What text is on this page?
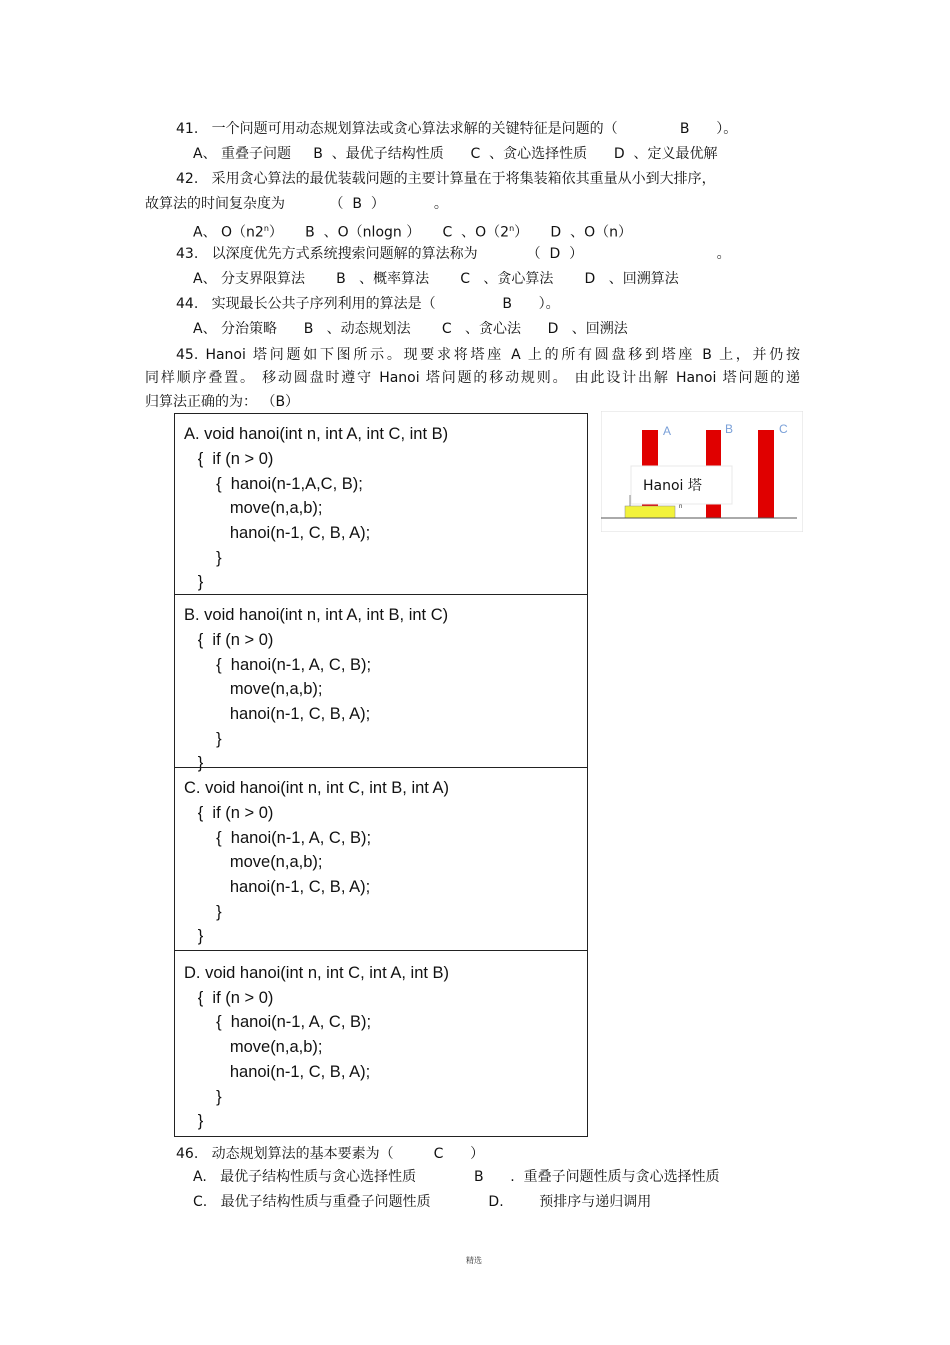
41.   一个问题可用动态规划算法或贪心算法求解的关键特征是问题的（              B      ）。
A、 重叠子问题     B  、最优子结构性质      C  、贪心选择性质      D  、定义最优解
42.   采用贪心算法的最优装载问题的主要计算量在于将集装箱依其重量从小到大排序，
故算法的时间复杂度为          （  B  ）           。
A、 O（n2$^n$）     B  、O（nlogn ）     C  、O（2$^n$）     D  、O（n）
43.   以深度优先方式系统搜索问题解的算法称为           （  D  ）                              。
A、 分支界限算法       B   、概率算法       C   、贪心算法       D   、回溯算法
44.   实现最长公共子序列利用的算法是（               B      ）。
A、 分治策略      B   、动态规划法       C   、贪心法      D   、回溯法
45. Hanoi 塔问题如下图所示。现要求将塔座 A 上的所有圆盘移到塔座 B 上，并仍按
同样顺序叠置。 移动圆盘时遵守 Hanoi 塔问题的移动规则。 由此设计出解 Hanoi 塔问题的递
归算法正确的为： （B）
A. void hanoi(int n, int A, int C, int B)
{  if (n > 0)
{  hanoi(n-1,A,C, B);
move(n,a,b);
hanoi(n-1, C, B, A);
}
}
B. void hanoi(int n, int A, int B, int C)
{  if (n > 0)
{  hanoi(n-1, A, C, B);
move(n,a,b);
hanoi(n-1, C, B, A);
}
}
C. void hanoi(int n, int C, int B, int A)
{  if (n > 0)
{  hanoi(n-1, A, C, B);
move(n,a,b);
hanoi(n-1, C, B, A);
}
}
D. void hanoi(int n, int C, int A, int B)
{  if (n > 0)
{  hanoi(n-1, A, C, B);
move(n,a,b);
hanoi(n-1, C, B, A);
}
}
A	B	C
Hanoi 塔
n
46.   动态规划算法的基本要素为（         C      ）
A.   最优子结构性质与贪心选择性质             B      .  重叠子问题性质与贪心选择性质
C.   最优子结构性质与重叠子问题性质             D.        预排序与递归调用
精选
